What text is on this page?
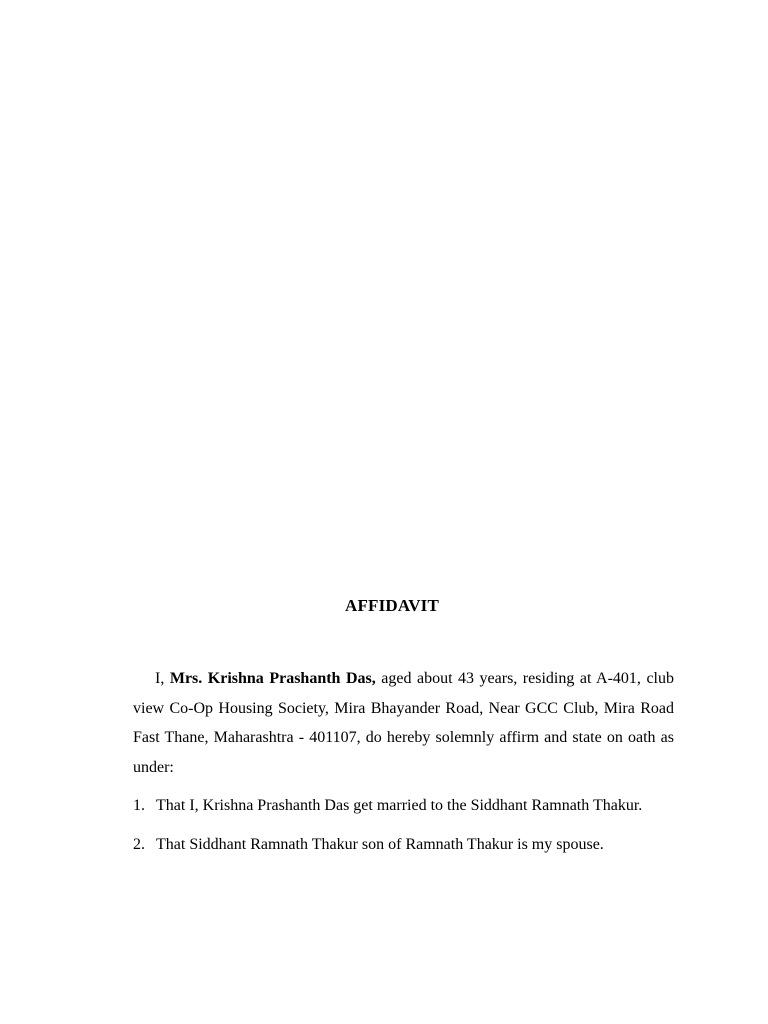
AFFIDAVIT

I, Mrs. Krishna Prashanth Das, aged about 43 years, residing at A-401, club view Co-Op Housing Society, Mira Bhayander Road, Near GCC Club, Mira Road Fast Thane, Maharashtra - 401107, do hereby solemnly affirm and state on oath as under:

1. That I, Krishna Prashanth Das get married to the Siddhant Ramnath Thakur.
2. That Siddhant Ramnath Thakur son of Ramnath Thakur is my spouse.
